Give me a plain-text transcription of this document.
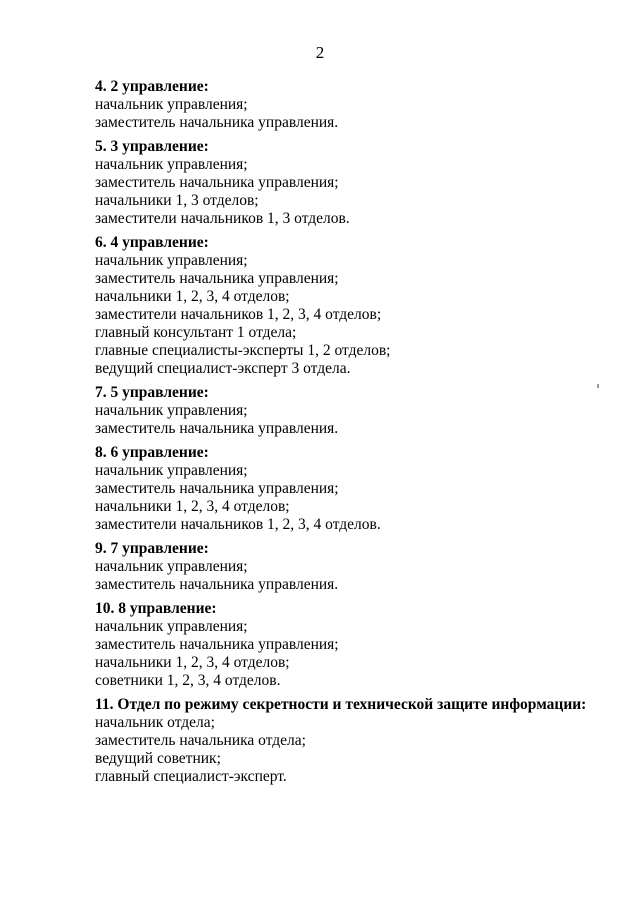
2
4. 2 управление:
начальник управления;
заместитель начальника управления.
5. 3 управление:
начальник управления;
заместитель начальника управления;
начальники 1, 3 отделов;
заместители начальников 1, 3 отделов.
6. 4 управление:
начальник управления;
заместитель начальника управления;
начальники 1, 2, 3, 4 отделов;
заместители начальников 1, 2, 3, 4 отделов;
главный консультант 1 отдела;
главные специалисты-эксперты 1, 2 отделов;
ведущий специалист-эксперт 3 отдела.
7. 5 управление:
начальник управления;
заместитель начальника управления.
8. 6 управление:
начальник управления;
заместитель начальника управления;
начальники 1, 2, 3, 4 отделов;
заместители начальников 1, 2, 3, 4 отделов.
9. 7 управление:
начальник управления;
заместитель начальника управления.
10. 8 управление:
начальник управления;
заместитель начальника управления;
начальники 1, 2, 3, 4 отделов;
советники 1, 2, 3, 4 отделов.
11. Отдел по режиму секретности и технической защите информации:
начальник отдела;
заместитель начальника отдела;
ведущий советник;
главный специалист-эксперт.
